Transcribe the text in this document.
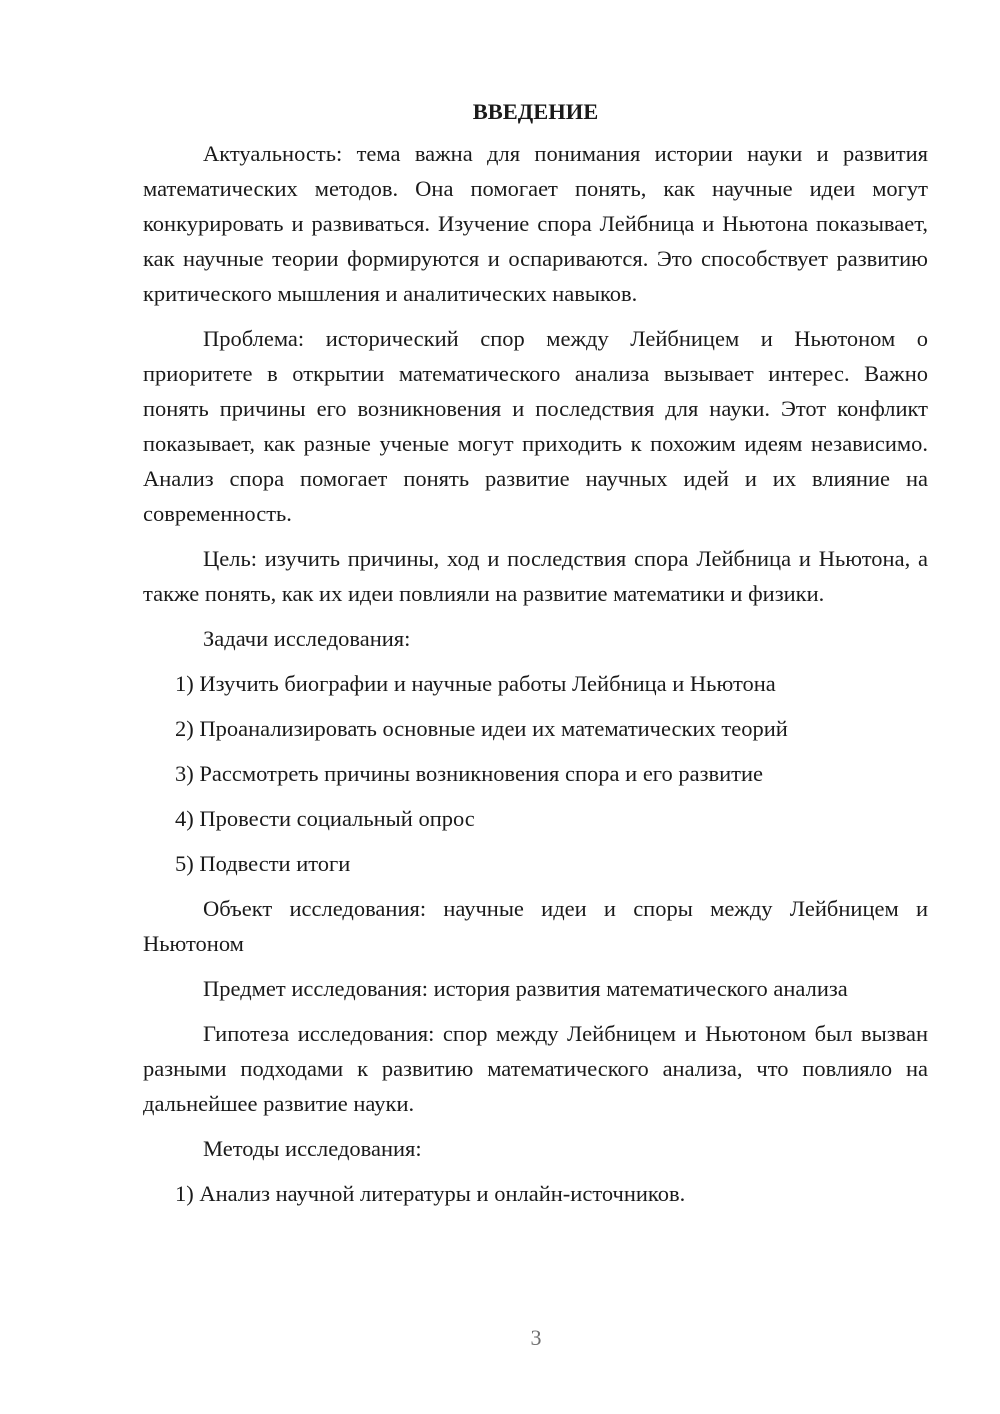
ВВЕДЕНИЕ

Актуальность: тема важна для понимания истории науки и развития математических методов. Она помогает понять, как научные идеи могут конкурировать и развиваться. Изучение спора Лейбница и Ньютона показывает, как научные теории формируются и оспариваются. Это способствует развитию критического мышления и аналитических навыков.

Проблема: исторический спор между Лейбницем и Ньютоном о приоритете в открытии математического анализа вызывает интерес. Важно понять причины его возникновения и последствия для науки. Этот конфликт показывает, как разные ученые могут приходить к похожим идеям независимо. Анализ спора помогает понять развитие научных идей и их влияние на современность.

Цель: изучить причины, ход и последствия спора Лейбница и Ньютона, а также понять, как их идеи повлияли на развитие математики и физики.

Задачи исследования:

1) Изучить биографии и научные работы Лейбница и Ньютона

2) Проанализировать основные идеи их математических теорий

3) Рассмотреть причины возникновения спора и его развитие

4) Провести социальный опрос

5) Подвести итоги

Объект исследования: научные идеи и споры между Лейбницем и Ньютоном

Предмет исследования: история развития математического анализа

Гипотеза исследования: спор между Лейбницем и Ньютоном был вызван разными подходами к развитию математического анализа, что повлияло на дальнейшее развитие науки.

Методы исследования:

1) Анализ научной литературы и онлайн-источников.

3
